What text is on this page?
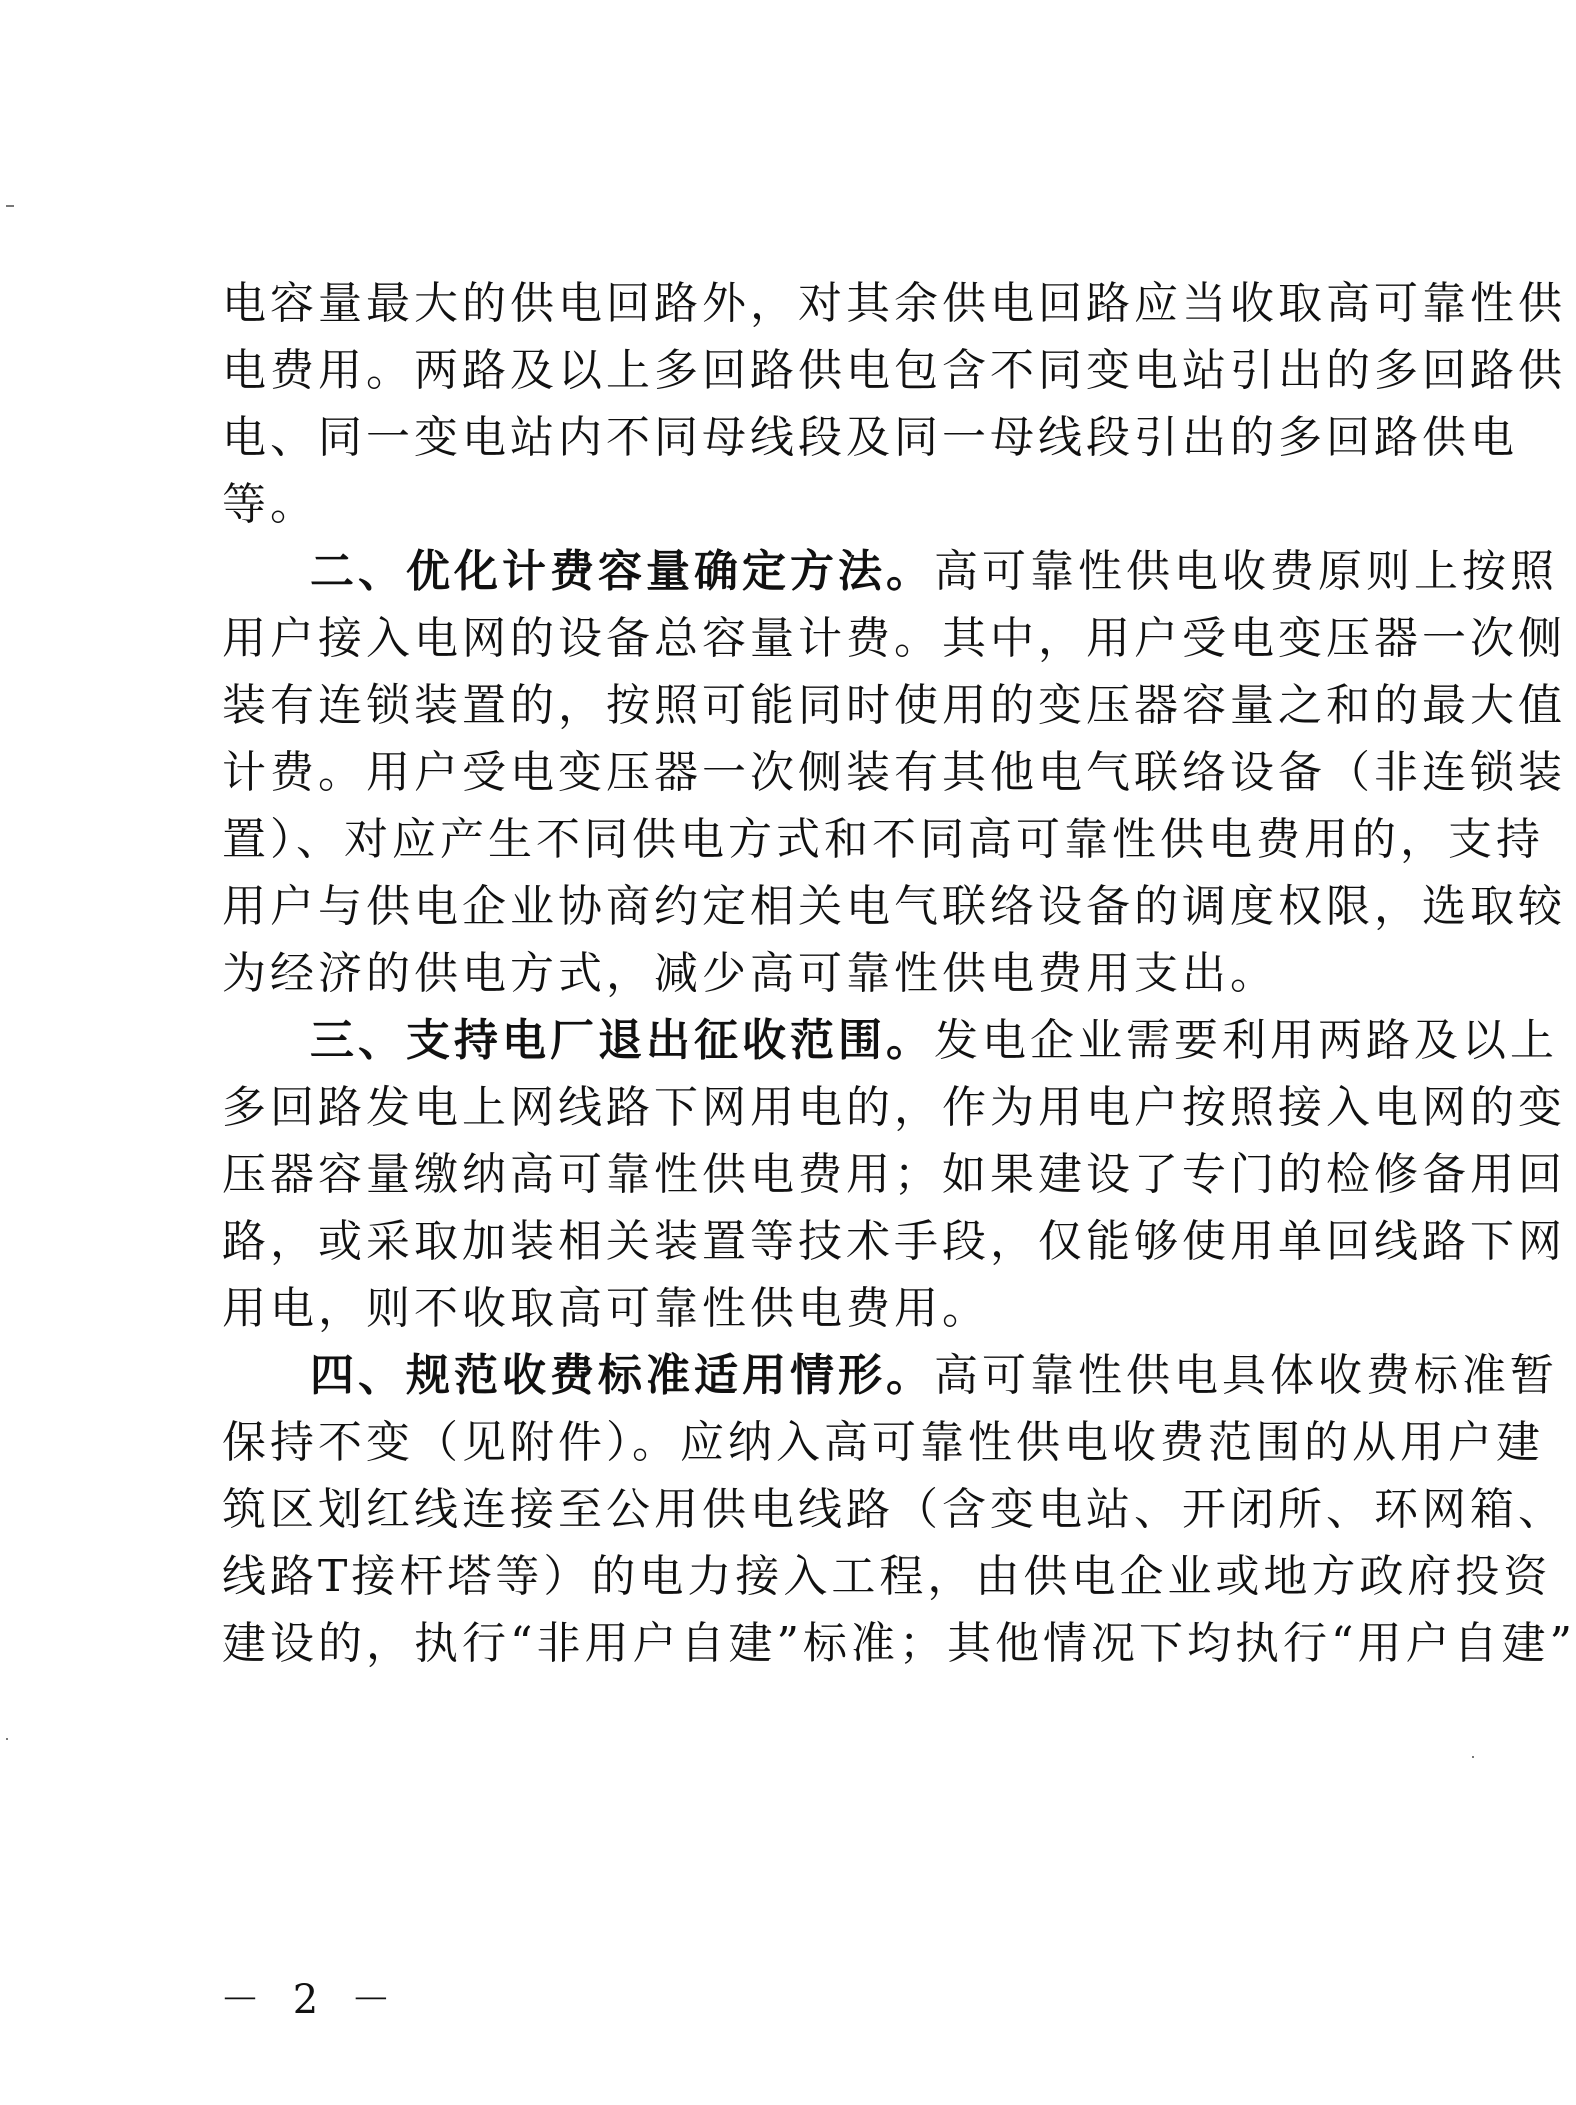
电容量最大的供电回路外，对其余供电回路应当收取高可靠性供
电费用。两路及以上多回路供电包含不同变电站引出的多回路供
电、同一变电站内不同母线段及同一母线段引出的多回路供电
等。
二、优化计费容量确定方法。高可靠性供电收费原则上按照
用户接入电网的设备总容量计费。其中，用户受电变压器一次侧
装有连锁装置的，按照可能同时使用的变压器容量之和的最大值
计费。用户受电变压器一次侧装有其他电气联络设备（非连锁装
置）、对应产生不同供电方式和不同高可靠性供电费用的，支持
用户与供电企业协商约定相关电气联络设备的调度权限，选取较
为经济的供电方式，减少高可靠性供电费用支出。
三、支持电厂退出征收范围。发电企业需要利用两路及以上
多回路发电上网线路下网用电的，作为用电户按照接入电网的变
压器容量缴纳高可靠性供电费用；如果建设了专门的检修备用回
路，或采取加装相关装置等技术手段，仅能够使用单回线路下网
用电，则不收取高可靠性供电费用。
四、规范收费标准适用情形。高可靠性供电具体收费标准暂
保持不变（见附件）。应纳入高可靠性供电收费范围的从用户建
筑区划红线连接至公用供电线路（含变电站、开闭所、环网箱、
线路T接杆塔等）的电力接入工程，由供电企业或地方政府投资
建设的，执行“非用户自建”标准；其他情况下均执行“用户自建”
－ 2 －
